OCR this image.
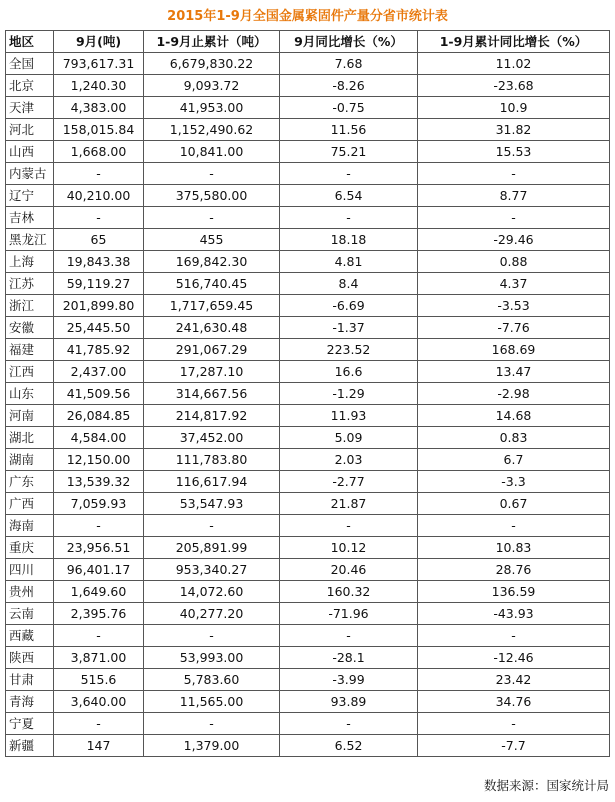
2015年1-9月全国金属紧固件产量分省市统计表
地区	9月(吨)	1-9月止累计（吨）	9月同比增长（%）	1-9月累计同比增长（%）
全国	793,617.31	6,679,830.22	7.68	11.02
北京	1,240.30	9,093.72	-8.26	-23.68
天津	4,383.00	41,953.00	-0.75	10.9
河北	158,015.84	1,152,490.62	11.56	31.82
山西	1,668.00	10,841.00	75.21	15.53
内蒙古	-	-	-	-
辽宁	40,210.00	375,580.00	6.54	8.77
吉林	-	-	-	-
黑龙江	65	455	18.18	-29.46
上海	19,843.38	169,842.30	4.81	0.88
江苏	59,119.27	516,740.45	8.4	4.37
浙江	201,899.80	1,717,659.45	-6.69	-3.53
安徽	25,445.50	241,630.48	-1.37	-7.76
福建	41,785.92	291,067.29	223.52	168.69
江西	2,437.00	17,287.10	16.6	13.47
山东	41,509.56	314,667.56	-1.29	-2.98
河南	26,084.85	214,817.92	11.93	14.68
湖北	4,584.00	37,452.00	5.09	0.83
湖南	12,150.00	111,783.80	2.03	6.7
广东	13,539.32	116,617.94	-2.77	-3.3
广西	7,059.93	53,547.93	21.87	0.67
海南	-	-	-	-
重庆	23,956.51	205,891.99	10.12	10.83
四川	96,401.17	953,340.27	20.46	28.76
贵州	1,649.60	14,072.60	160.32	136.59
云南	2,395.76	40,277.20	-71.96	-43.93
西藏	-	-	-	-
陕西	3,871.00	53,993.00	-28.1	-12.46
甘肃	515.6	5,783.60	-3.99	23.42
青海	3,640.00	11,565.00	93.89	34.76
宁夏	-	-	-	-
新疆	147	1,379.00	6.52	-7.7
数据来源：国家统计局
